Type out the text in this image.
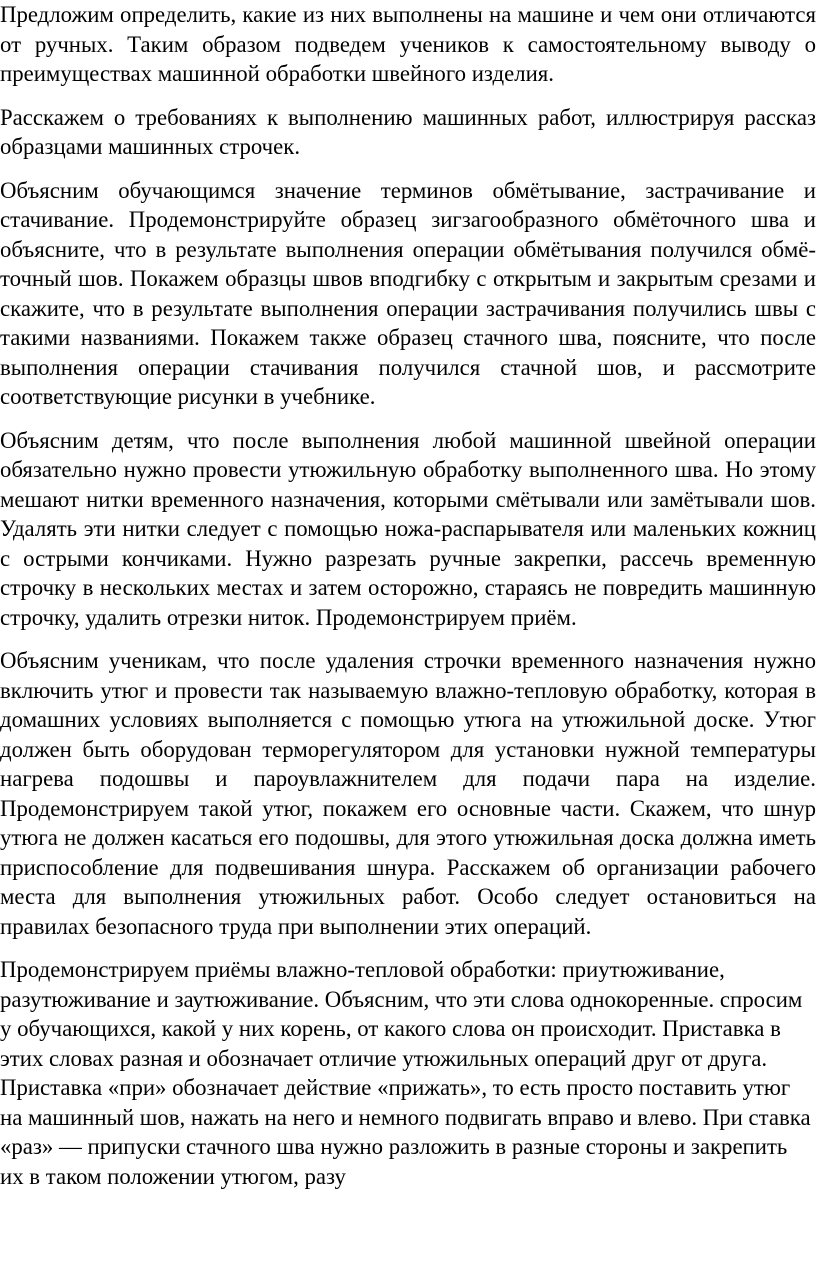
Предложим определить, какие из них выполнены на машине и чем они отличаются от ручных. Таким образом подведем учеников к самостоятельному выводу о преимуществах машинной обработки швейного изделия.

Расскажем о требованиях к выполнению машинных работ, иллюстрируя рассказ образцами машинных строчек.

Объясним обучающимся значение терминов обмётывание, застрачивание и стачивание. Продемонстрируйте образец зигзагообразного обмёточного шва и объясните, что в результате выполнения операции обмётывания получился обмё- точный шов. Покажем образцы швов вподгибку с открытым и закрытым срезами и скажите, что в результате выполнения операции застрачивания получились швы с такими названиями. Покажем также образец стачного шва, поясните, что после выполнения операции стачивания получился стачной шов, и рассмотрите соответствующие рисунки в учебнике.

Объясним детям, что после выполнения любой машинной швейной операции обязательно нужно провести утюжильную обработку выполненного шва. Но этому мешают нитки временного назначения, которыми смётывали или замётывали шов. Удалять эти нитки следует с помощью ножа-распарывателя или маленьких кожниц с острыми кончиками. Нужно разрезать ручные закрепки, рассечь временную строчку в нескольких местах и затем осторожно, стараясь не повредить машинную строчку, удалить отрезки ниток. Продемонстрируем приём.

Объясним ученикам, что после удаления строчки временного назначения нужно включить утюг и провести так называемую влажно-тепловую обработку, которая в домашних условиях выполняется с помощью утюга на утюжильной доске. Утюг должен быть оборудован терморегулятором для установки нужной температуры нагрева подошвы и пароувлажнителем для подачи пара на изделие. Продемонстрируем такой утюг, покажем его основные части. Скажем, что шнур утюга не должен касаться его подошвы, для этого утюжильная доска должна иметь приспособление для подвешивания шнура. Расскажем об организации рабочего места для выполнения утюжильных работ. Особо следует остановиться на правилах безопасного труда при выполнении этих операций.

Продемонстрируем приёмы влажно-тепловой обработки: приутюживание, разутюживание и заутюживание. Объясним, что эти слова однокоренные. спросим у обучающихся, какой у них корень, от какого слова он происходит. Приставка в этих словах разная и обозначает отличие утюжильных операций друг от друга. Приставка «при» обозначает действие «прижать», то есть просто поставить утюг на машинный шов, нажать на него и немного подвигать вправо и влево. При ставка «раз» — припуски стачного шва нужно разложить в разные стороны и закрепить их в таком положении утюгом, разу
